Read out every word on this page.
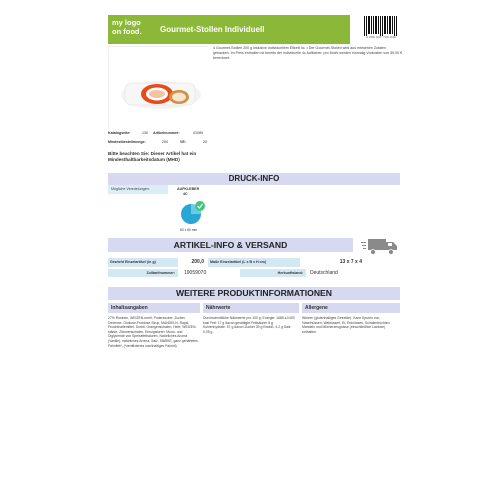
my logo
on food.	Gourmet-Stollen Individuell
4 006 047 726 049
4 Gourmet-Stollen 200 g inklusive individuellem Etikett 4c. • Der Gourmet-Stollen wird aus erlesenen Zutaten gebacken. Im Preis enthalten ist bereits der individuelle 4c Aufkleber. pro Motiv werden einmalig Vorkosten von 59,00 € berechnet.
Katalogseite:	130 Artikelnummer:	41089
Mindestbestellmenge:	200	VE:	20
Bitte beachten Sie: Dieser Artikel hat ein Mindesthaltbarkeitsdatum (MHD)
DRUCK-INFO
Mögliche Veredelungen:	AUFKLEBER
4C
60 x 60 mm
ARTIKEL-INFO & VERSAND
Gewicht Einzelartikel (in g)	200,0	Maße Einzelartikel (L x B x H cm)	13 x 7 x 4
Zolltarifnummer:	19059070	Herkunftsland:	Deutschland
WEITERE PRODUKTINFORMATIONEN
Inhaltsangaben	Nährwerte	Allergene
27% Rosinen, WEIZEN-mehl, Puderzucker, Zucker, Dextrose, Glukose-Fruktose-Sirup, MANDELN, Rapsl, Feuchthaltemittel: Sorbit, Orangenschalen, Hefe, WEIZEN-stärke, Zitronenschalen, Emulgatoren: Mono- und Diglyceride von Speisefettsäuren, Natürliches Aroma (Vanille), natürliches Aroma, Salz, StäRKE, ganz gehärtetes Palmfett*, (*zertifiziertes nachhaltiges Palmöl)
Durchschnittliche Nährwerte pro 100 g: Energie: 1685 kJ/400 kcal Fett: 17 g davon gesättigte Fettsäuren 8 g Kohlenhydrate: 57 g davon Zucker 39 g Eiweiß: 4,2 g Salz: 0,05 g
Weizen (glutenhaltiges Getreide). Kann Spuren von Haselnüssen, Walnüssen, Ei, Erdnüssen, Schalenfrüchten, Mandeln und Milcherzeugnisse (einschließlich Lactose) enthalten.
